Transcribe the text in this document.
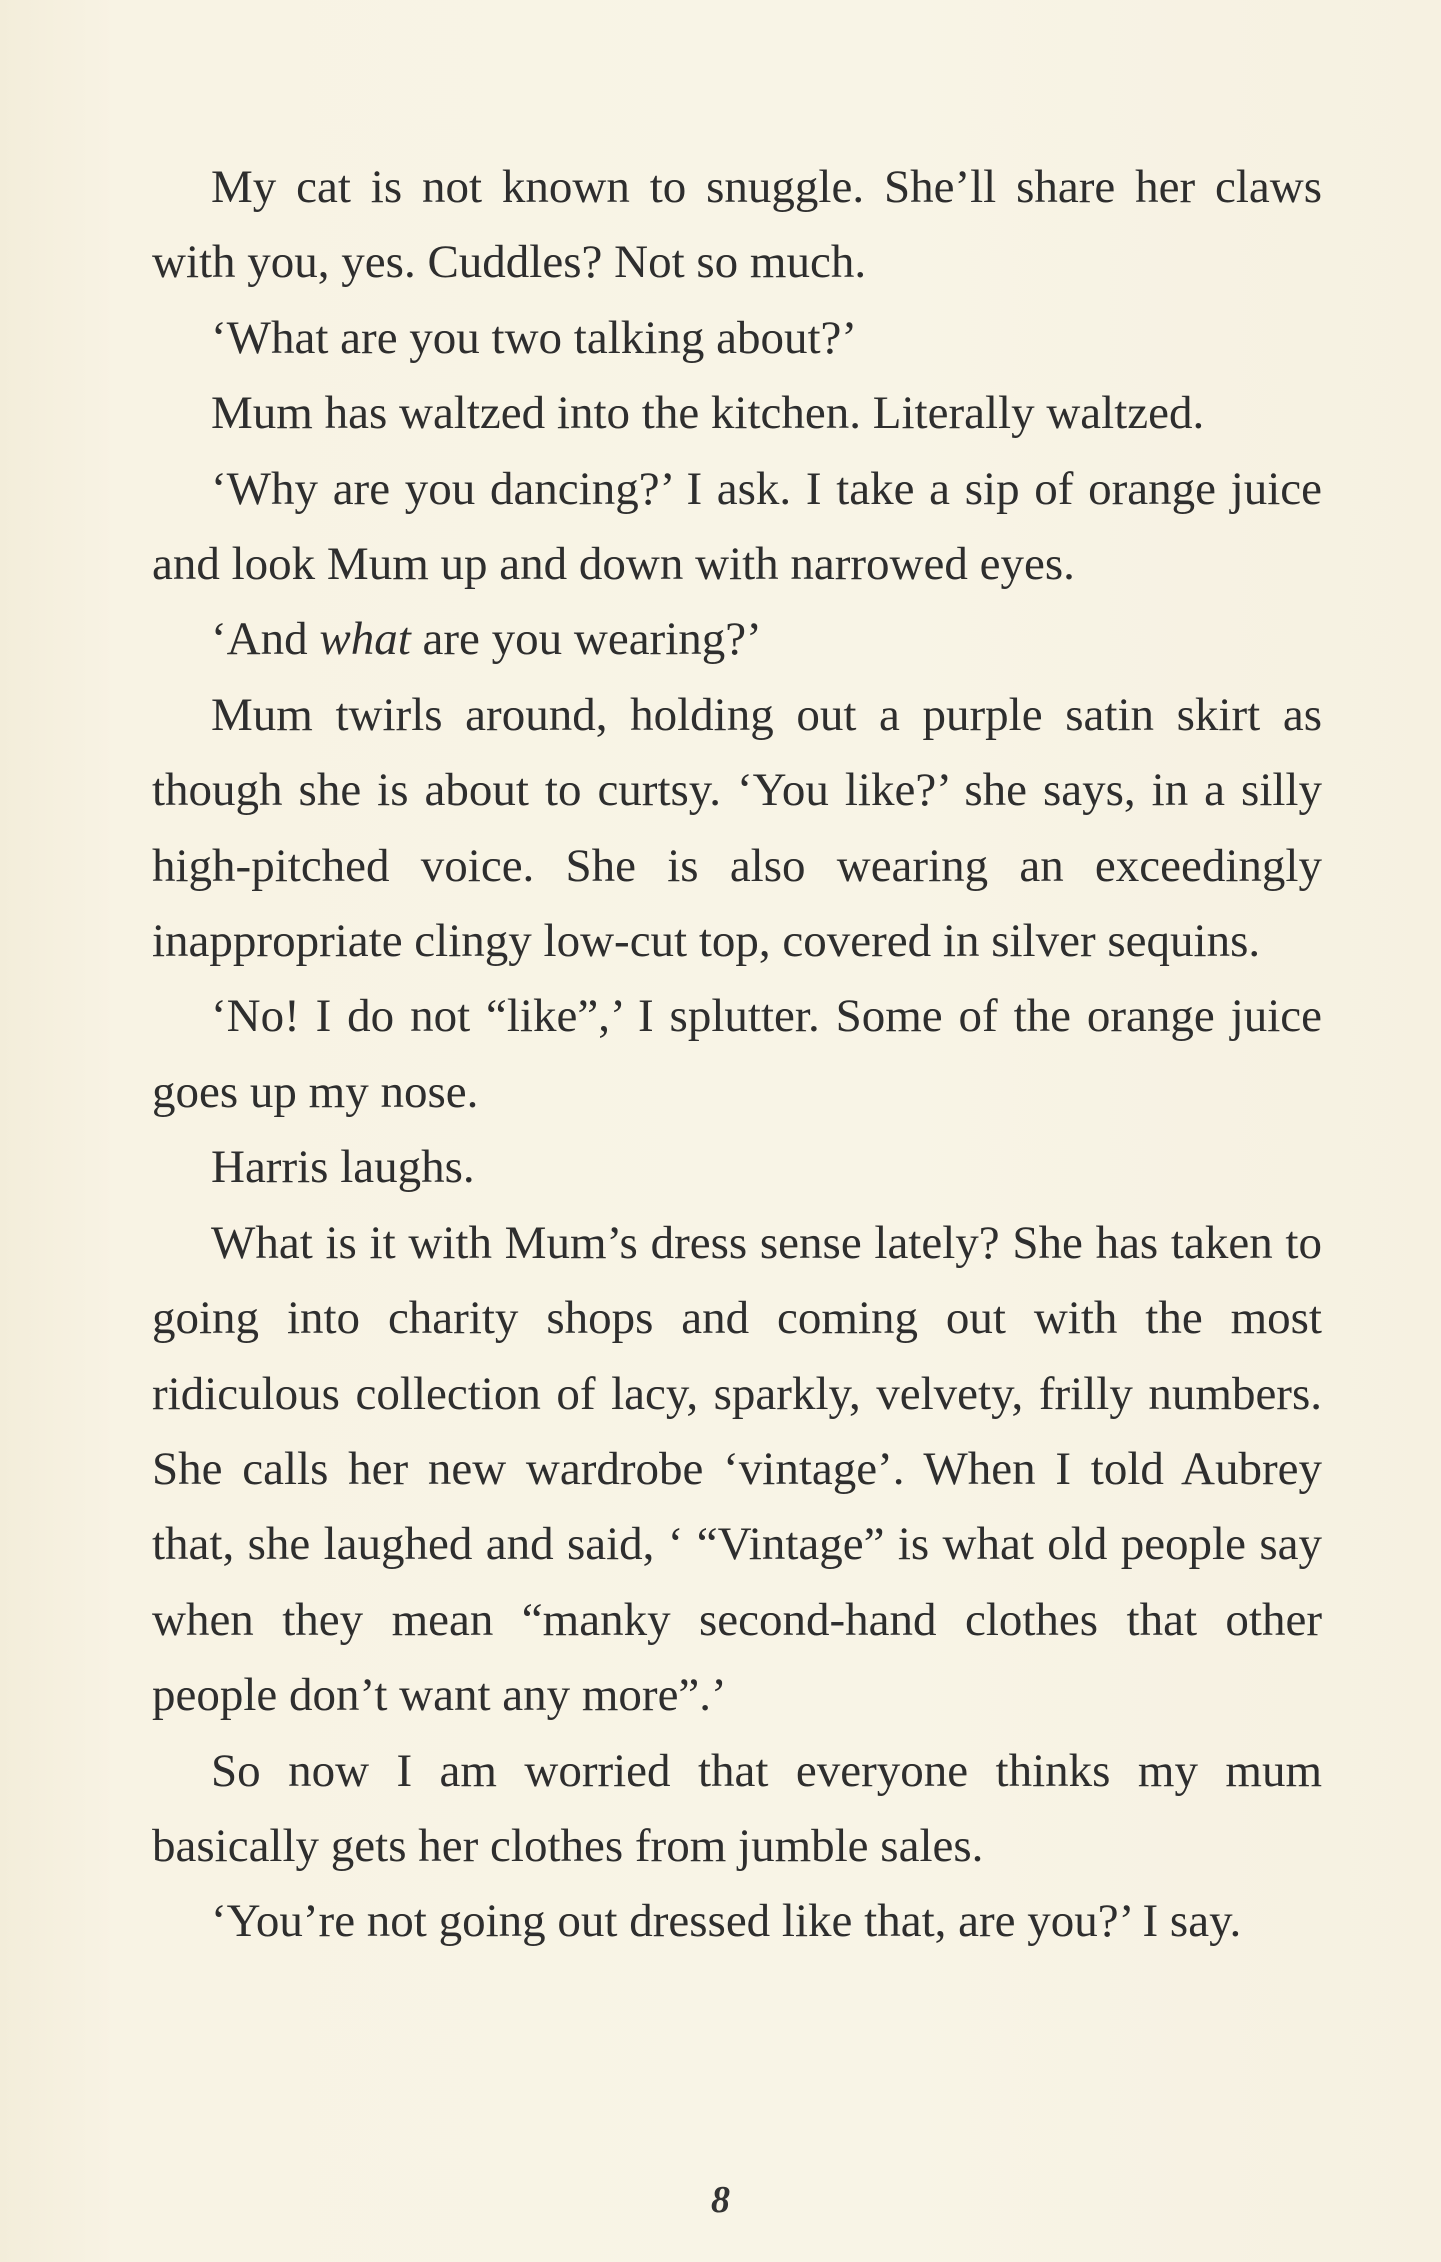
My cat is not known to snuggle. She’ll share her claws with you, yes. Cuddles? Not so much.

‘What are you two talking about?’

Mum has waltzed into the kitchen. Literally waltzed.

‘Why are you dancing?’ I ask. I take a sip of orange juice and look Mum up and down with narrowed eyes.

‘And what are you wearing?’

Mum twirls around, holding out a purple satin skirt as though she is about to curtsy. ‘You like?’ she says, in a silly high-pitched voice. She is also wearing an exceedingly inappropriate clingy low-cut top, covered in silver sequins.

‘No! I do not “like”,’ I splutter. Some of the orange juice goes up my nose.

Harris laughs.

What is it with Mum’s dress sense lately? She has taken to going into charity shops and coming out with the most ridiculous collection of lacy, sparkly, velvety, frilly numbers. She calls her new wardrobe ‘vintage’. When I told Aubrey that, she laughed and said, ‘ “Vintage” is what old people say when they mean “manky second-hand clothes that other people don’t want any more”.’

So now I am worried that everyone thinks my mum basically gets her clothes from jumble sales.

‘You’re not going out dressed like that, are you?’ I say.

8
